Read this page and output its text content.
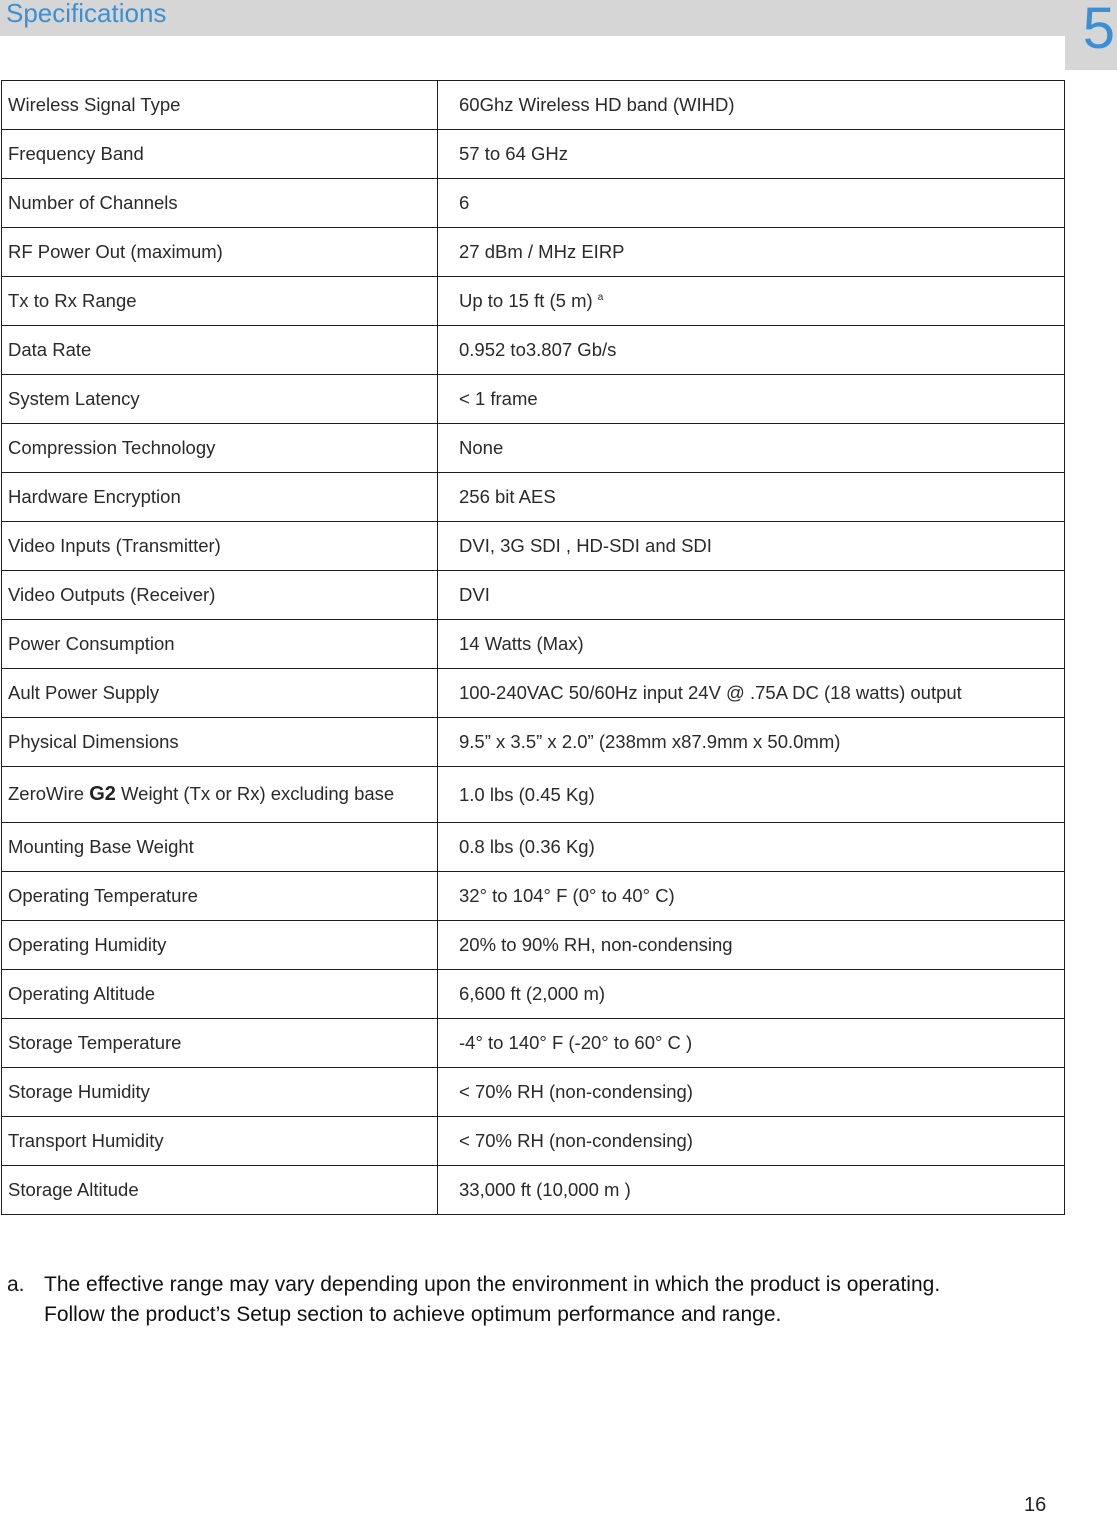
Specifications	5
Wireless Signal Type	60Ghz Wireless HD band (WIHD)
Frequency Band	57 to 64 GHz
Number of Channels	6
RF Power Out (maximum)	27 dBm / MHz EIRP
Tx to Rx Range	Up to 15 ft (5 m) $^a$
Data Rate	0.952 to3.807 Gb/s
System Latency	< 1 frame
Compression Technology	None
Hardware Encryption	256 bit AES
Video Inputs (Transmitter)	DVI, 3G SDI , HD-SDI and SDI
Video Outputs (Receiver)	DVI
Power Consumption	14 Watts (Max)
Ault Power Supply	100-240VAC 50/60Hz input 24V @ .75A DC (18 watts) output
Physical Dimensions	9.5” x 3.5” x 2.0” (238mm x87.9mm x 50.0mm)
ZeroWire G2 Weight (Tx or Rx) excluding base	1.0 lbs (0.45 Kg)
Mounting Base Weight	0.8 lbs (0.36 Kg)
Operating Temperature	32° to 104° F (0° to 40° C)
Operating Humidity	20% to 90% RH, non-condensing
Operating Altitude	6,600 ft (2,000 m)
Storage Temperature	-4° to 140° F (-20° to 60° C )
Storage Humidity	< 70% RH (non-condensing)
Transport Humidity	< 70% RH (non-condensing)
Storage Altitude	33,000 ft (10,000 m )
a. The effective range may vary depending upon the environment in which the product is operating.
Follow the product’s Setup section to achieve optimum performance and range.
16
